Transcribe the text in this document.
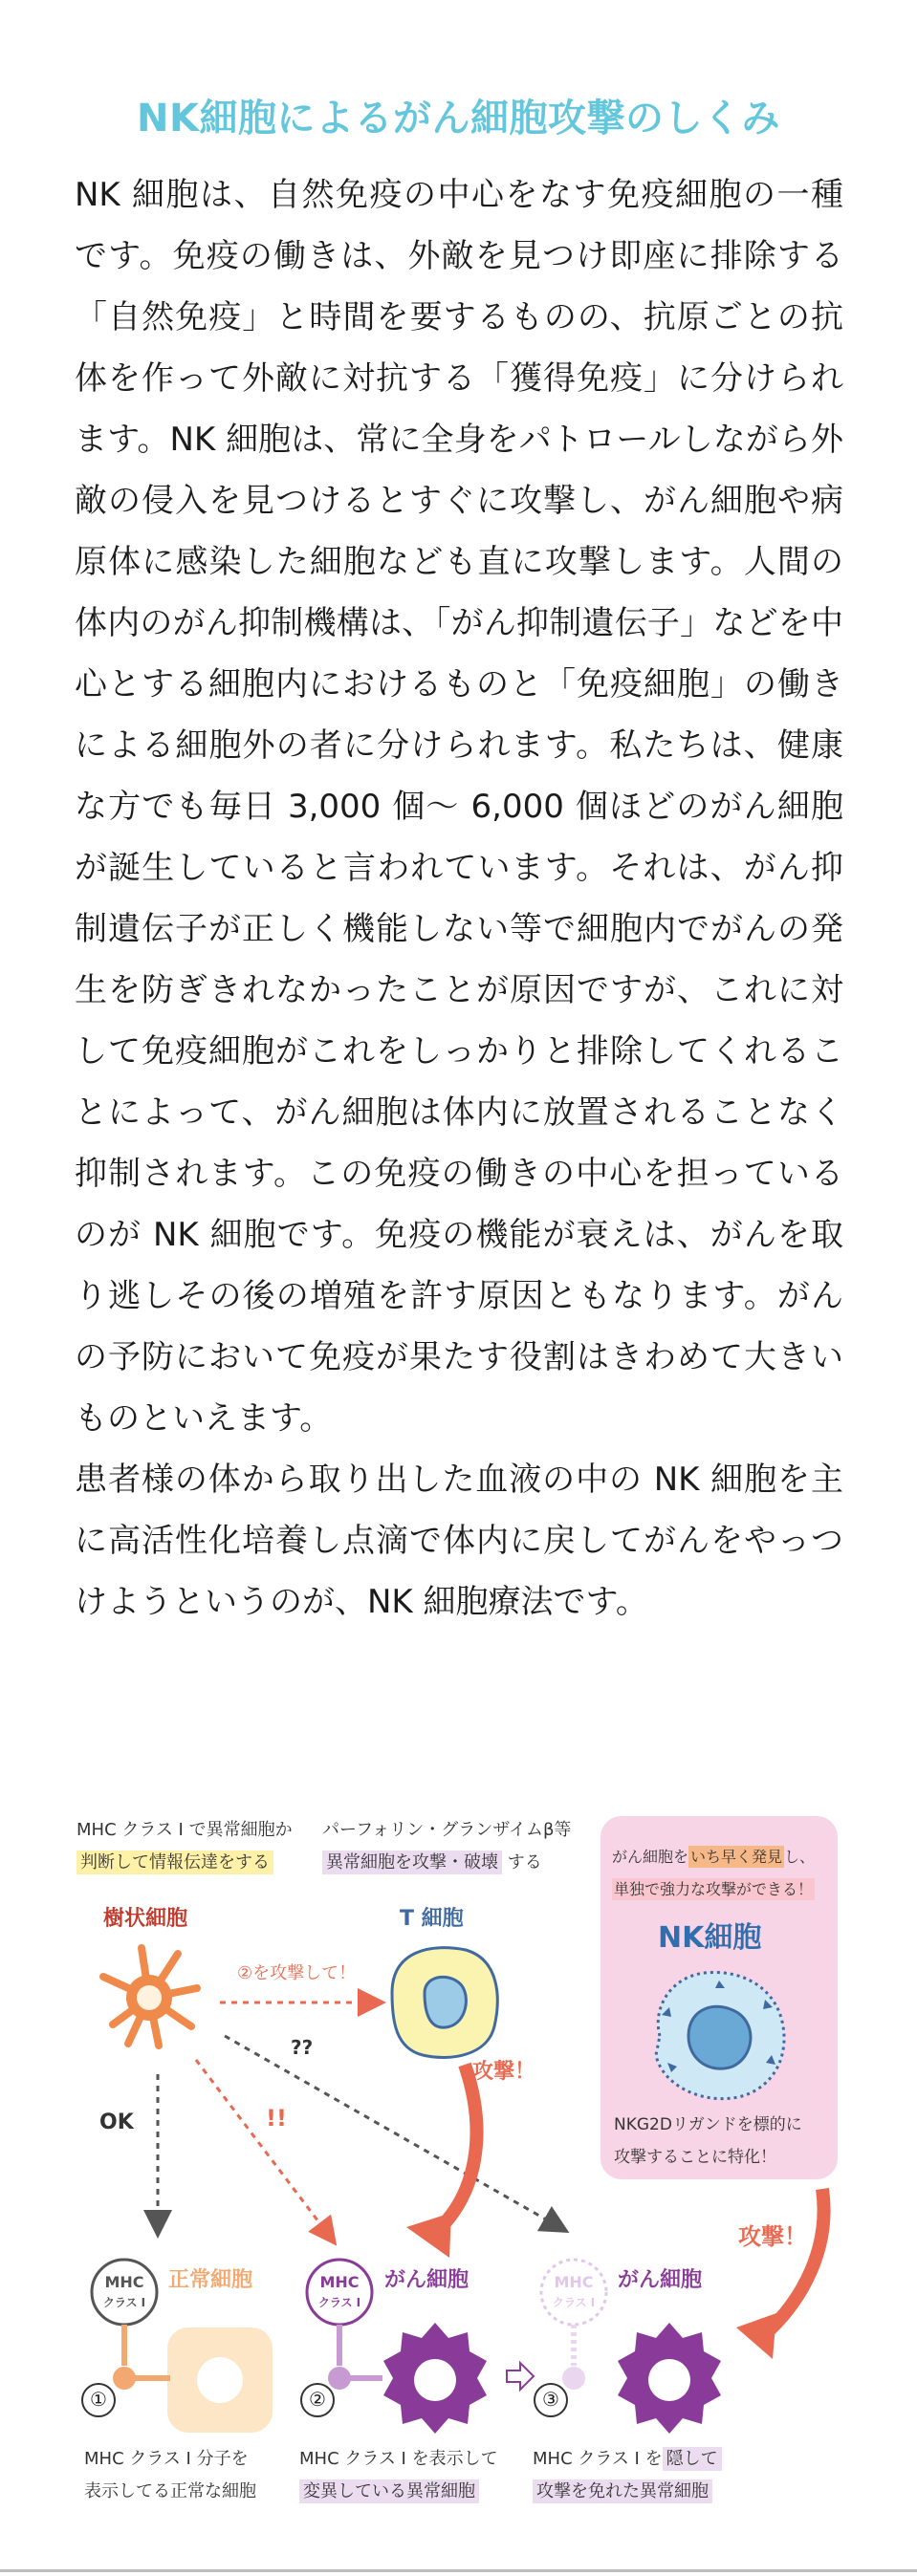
NK細胞によるがん細胞攻撃のしくみ

NK 細胞は、自然免疫の中心をなす免疫細胞の一種です。免疫の働きは、外敵を見つけ即座に排除する「自然免疫」と時間を要するものの、抗原ごとの抗体を作って外敵に対抗する「獲得免疫」に分けられます。NK 細胞は、常に全身をパトロールしながら外敵の侵入を見つけるとすぐに攻撃し、がん細胞や病原体に感染した細胞なども直に攻撃します。人間の体内のがん抑制機構は、「がん抑制遺伝子」などを中心とする細胞内におけるものと「免疫細胞」の働きによる細胞外の者に分けられます。私たちは、健康な方でも毎日 3,000 個〜 6,000 個ほどのがん細胞が誕生していると言われています。それは、がん抑制遺伝子が正しく機能しない等で細胞内でがんの発生を防ぎきれなかったことが原因ですが、これに対して免疫細胞がこれをしっかりと排除してくれることによって、がん細胞は体内に放置されることなく抑制されます。この免疫の働きの中心を担っているのが NK 細胞です。免疫の機能が衰えは、がんを取り逃しその後の増殖を許す原因ともなります。がんの予防において免疫が果たす役割はきわめて大きいものといえます。

患者様の体から取り出した血液の中の NK 細胞を主に高活性化培養し点滴で体内に戻してがんをやっつけようというのが、NK 細胞療法です。

MHC クラス I で異常細胞か
判断して情報伝達をする
パーフォリン・グランザイムβ等
異常細胞を攻撃・破壊 する
樹状細胞	T 細胞
②を攻撃して！
??
OK	!!
攻撃！
がん細胞を いち早く発見 し、
単独で強力な攻撃ができる！
NK細胞
NKG2Dリガンドを標的に
攻撃することに特化！
攻撃！
MHC
クラス I
MHC
クラス I
MHC
クラス I
正常細胞	がん細胞	がん細胞
①	②	③
MHC クラス I 分子を
表示してる正常な細胞
MHC クラス I を表示して
変異している異常細胞
MHC クラス I を 隠して
攻撃を免れた異常細胞
